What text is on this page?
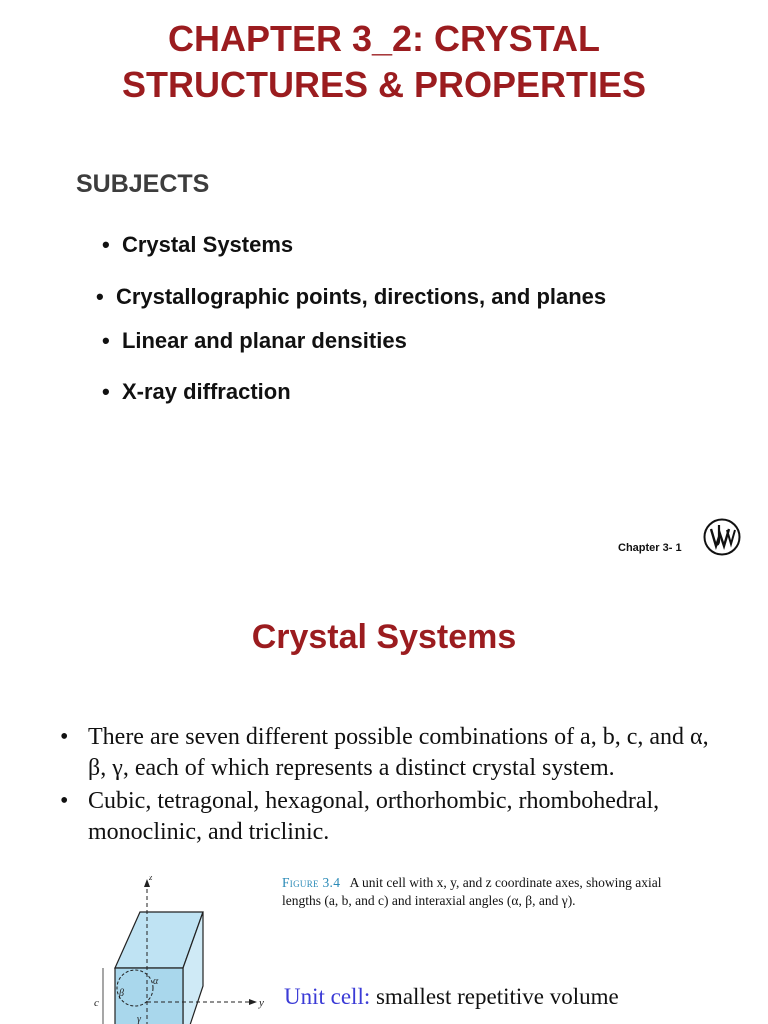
CHAPTER 3_2: CRYSTAL
STRUCTURES & PROPERTIES
SUBJECTS
• Crystal Systems
• Crystallographic points, directions, and planes
• Linear and planar densities
• X-ray diffraction
Chapter 3- 1
Crystal Systems
• There are seven different possible combinations of a, b, c, and α, β, γ, each of which represents a distinct crystal system.
• Cubic, tetragonal, hexagonal, orthorhombic, rhombohedral, monoclinic, and triclinic.
z
y
c
α
β
γ

Figure 3.4 A unit cell with x, y, and z coordinate axes, showing axial lengths (a, b, and c) and interaxial angles (α, β, and γ).

Unit cell: smallest repetitive volume
